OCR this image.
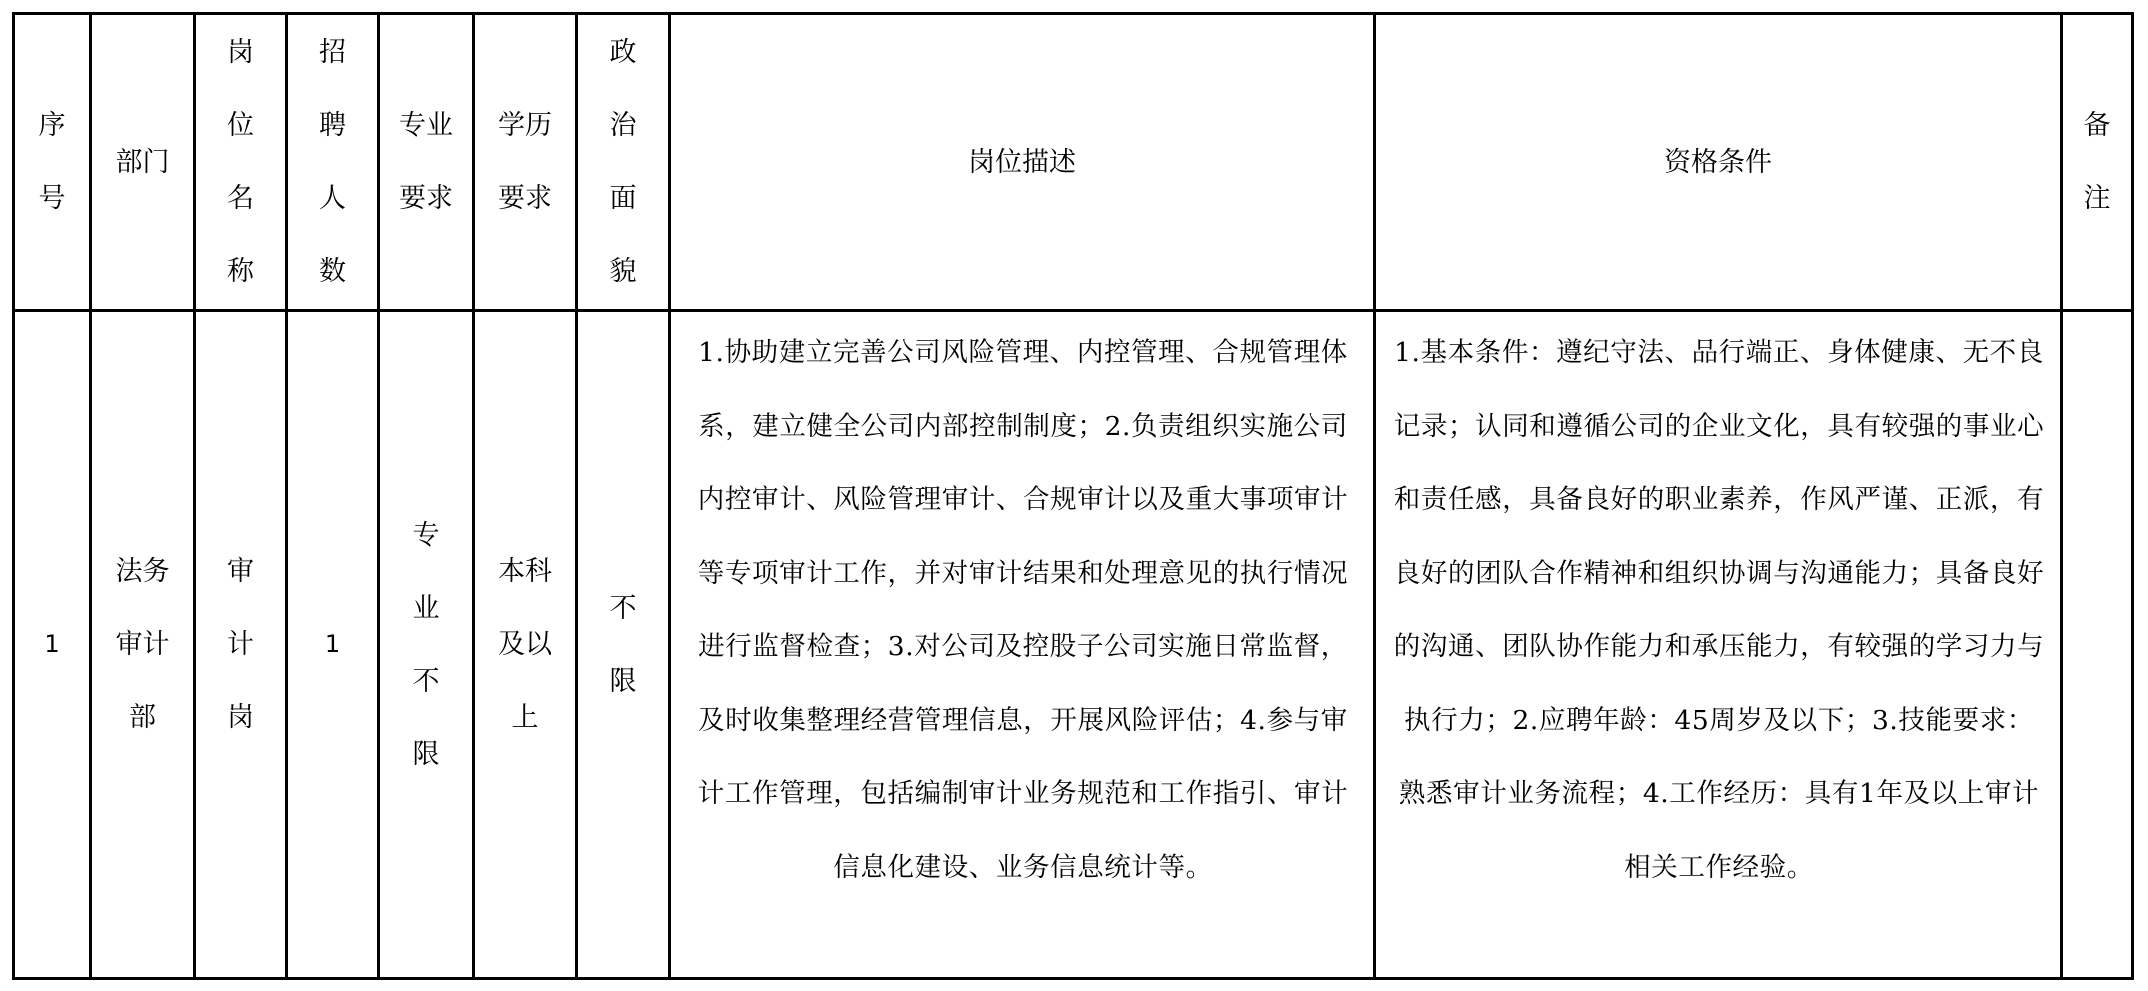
序号	部门	岗位名称	招聘人数	专业要求	学历要求	政治面貌	岗位描述	资格条件	备注
1	法务审计部	审计岗	1	专业不限	本科及以上	不限	1.协助建立完善公司风险管理、内控管理、合规管理体系，建立健全公司内部控制制度；2.负责组织实施公司内控审计、风险管理审计、合规审计以及重大事项审计等专项审计工作，并对审计结果和处理意见的执行情况进行监督检查；3.对公司及控股子公司实施日常监督，及时收集整理经营管理信息，开展风险评估；4.参与审计工作管理，包括编制审计业务规范和工作指引、审计信息化建设、业务信息统计等。	1.基本条件：遵纪守法、品行端正、身体健康、无不良记录；认同和遵循公司的企业文化，具有较强的事业心和责任感，具备良好的职业素养，作风严谨、正派，有良好的团队合作精神和组织协调与沟通能力；具备良好的沟通、团队协作能力和承压能力，有较强的学习力与执行力；2.应聘年龄：45周岁及以下；3.技能要求：熟悉审计业务流程；4.工作经历：具有1年及以上审计相关工作经验。	
